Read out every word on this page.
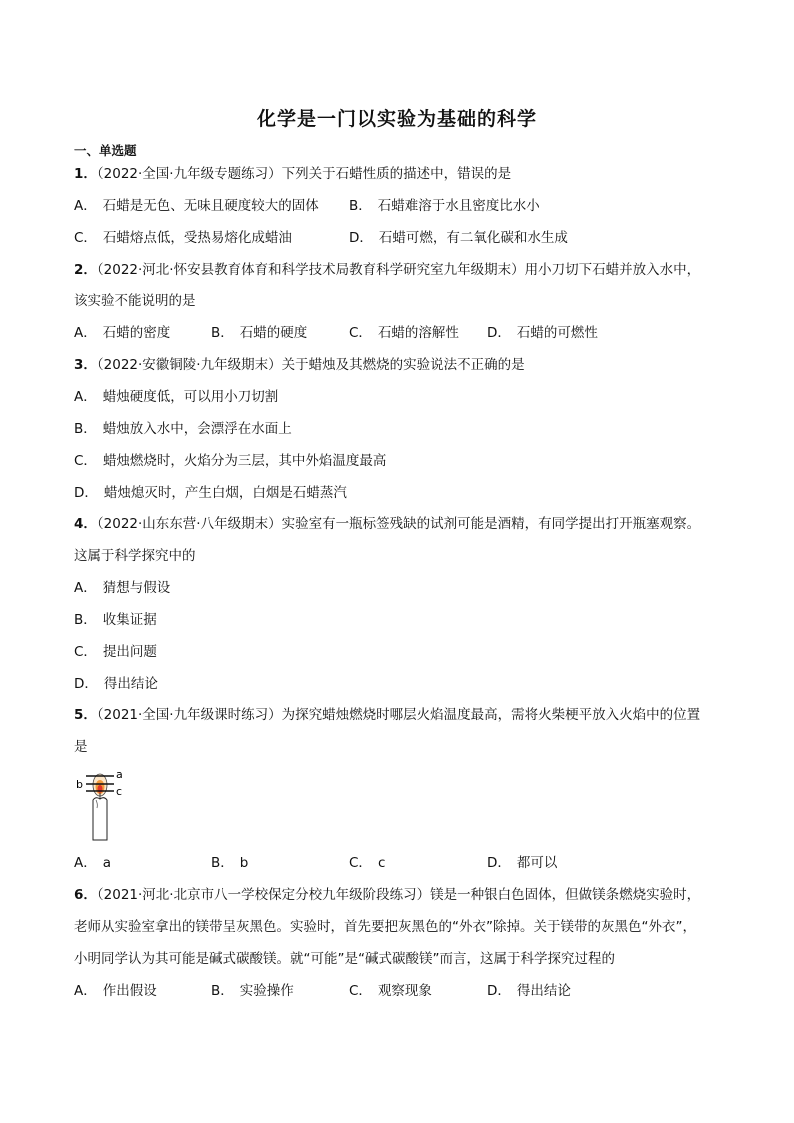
化学是一门以实验为基础的科学
一、单选题
1．（2022·全国·九年级专题练习）下列关于石蜡性质的描述中，错误的是
A． 石蜡是无色、无味且硬度较大的固体 B． 石蜡难溶于水且密度比水小
C． 石蜡熔点低，受热易熔化成蜡油	D． 石蜡可燃，有二氧化碳和水生成
2．（2022·河北·怀安县教育体育和科学技术局教育科学研究室九年级期末）用小刀切下石蜡并放入水中，
该实验不能说明的是
A． 石蜡的密度	B． 石蜡的硬度	C． 石蜡的溶解性 D． 石蜡的可燃性
3．（2022·安徽铜陵·九年级期末）关于蜡烛及其燃烧的实验说法不正确的是
A． 蜡烛硬度低，可以用小刀切割
B． 蜡烛放入水中，会漂浮在水面上
C． 蜡烛燃烧时，火焰分为三层，其中外焰温度最高
D． 蜡烛熄灭时，产生白烟，白烟是石蜡蒸汽
4．（2022·山东东营·八年级期末）实验室有一瓶标签残缺的试剂可能是酒精，有同学提出打开瓶塞观察。
这属于科学探究中的
A． 猜想与假设
B． 收集证据
C． 提出问题
D． 得出结论
5．（2021·全国·九年级课时练习）为探究蜡烛燃烧时哪层火焰温度最高，需将火柴梗平放入火焰中的位置
是
a
b
c
A． a	B． b	C． c	D． 都可以
6．（2021·河北·北京市八一学校保定分校九年级阶段练习）镁是一种银白色固体，但做镁条燃烧实验时，
老师从实验室拿出的镁带呈灰黑色。实验时，首先要把灰黑色的“外衣”除掉。关于镁带的灰黑色“外衣”，
小明同学认为其可能是碱式碳酸镁。就“可能”是“碱式碳酸镁”而言，这属于科学探究过程的
A． 作出假设	B． 实验操作	C． 观察现象	D． 得出结论
